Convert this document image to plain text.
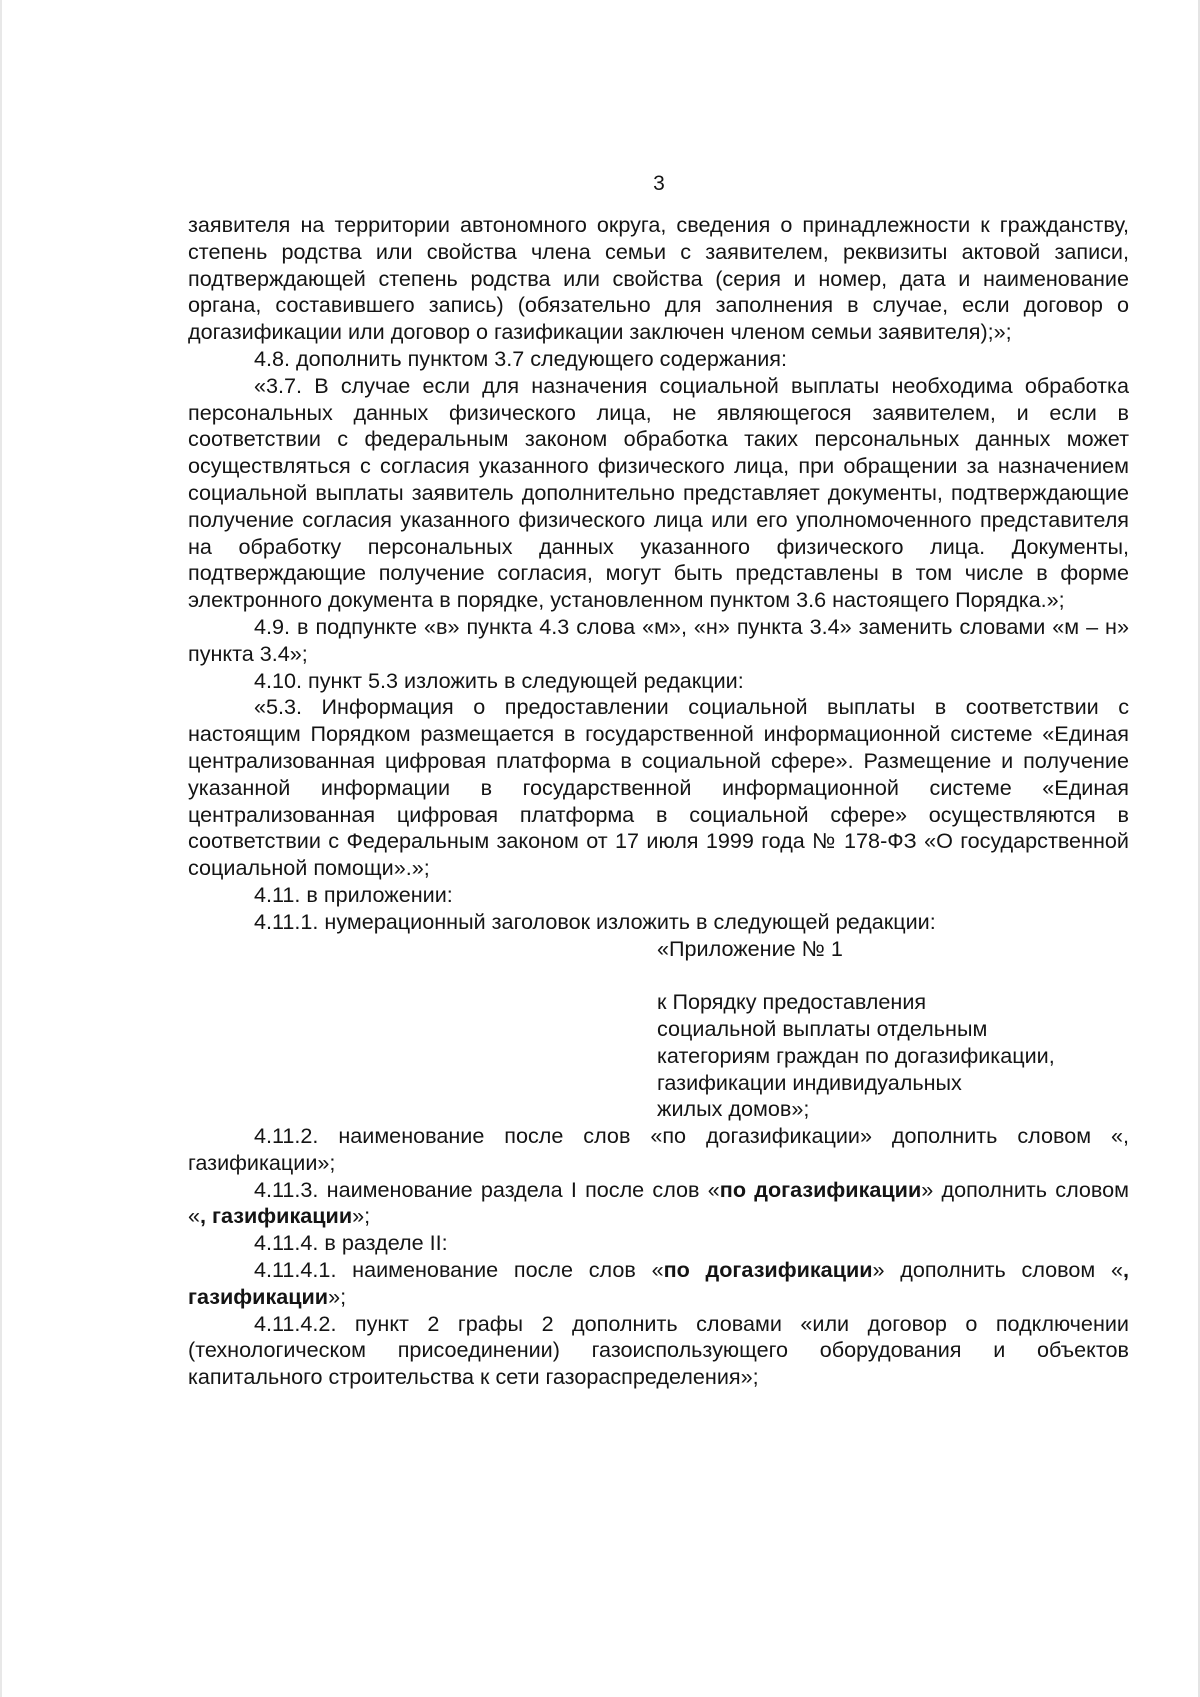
3

заявителя на территории автономного округа, сведения о принадлежности к гражданству, степень родства или свойства члена семьи с заявителем, реквизиты актовой записи, подтверждающей степень родства или свойства (серия и номер, дата и наименование органа, составившего запись) (обязательно для заполнения в случае, если договор о догазификации или договор о газификации заключен членом семьи заявителя);»;

4.8. дополнить пунктом 3.7 следующего содержания:

«3.7. В случае если для назначения социальной выплаты необходима обработка персональных данных физического лица, не являющегося заявителем, и если в соответствии с федеральным законом обработка таких персональных данных может осуществляться с согласия указанного физического лица, при обращении за назначением социальной выплаты заявитель дополнительно представляет документы, подтверждающие получение согласия указанного физического лица или его уполномоченного представителя на обработку персональных данных указанного физического лица. Документы, подтверждающие получение согласия, могут быть представлены в том числе в форме электронного документа в порядке, установленном пунктом 3.6 настоящего Порядка.»;

4.9. в подпункте «в» пункта 4.3 слова «м», «н» пункта 3.4» заменить словами «м – н» пункта 3.4»;

4.10. пункт 5.3 изложить в следующей редакции:

«5.3. Информация о предоставлении социальной выплаты в соответствии с настоящим Порядком размещается в государственной информационной системе «Единая централизованная цифровая платформа в социальной сфере». Размещение и получение указанной информации в государственной информационной системе «Единая централизованная цифровая платформа в социальной сфере» осуществляются в соответствии с Федеральным законом от 17 июля 1999 года № 178-ФЗ «О государственной социальной помощи».»;

4.11. в приложении:

4.11.1. нумерационный заголовок изложить в следующей редакции:

«Приложение № 1
к Порядку предоставления
социальной выплаты отдельным
категориям граждан по догазификации,
газификации индивидуальных
жилых домов»;

4.11.2. наименование после слов «по догазификации» дополнить словом «, газификации»;

4.11.3. наименование раздела I после слов «по догазификации» дополнить словом «, газификации»;

4.11.4. в разделе II:

4.11.4.1. наименование после слов «по догазификации» дополнить словом «, газификации»;

4.11.4.2. пункт 2 графы 2 дополнить словами «или договор о подключении (технологическом присоединении) газоиспользующего оборудования и объектов капитального строительства к сети газораспределения»;
